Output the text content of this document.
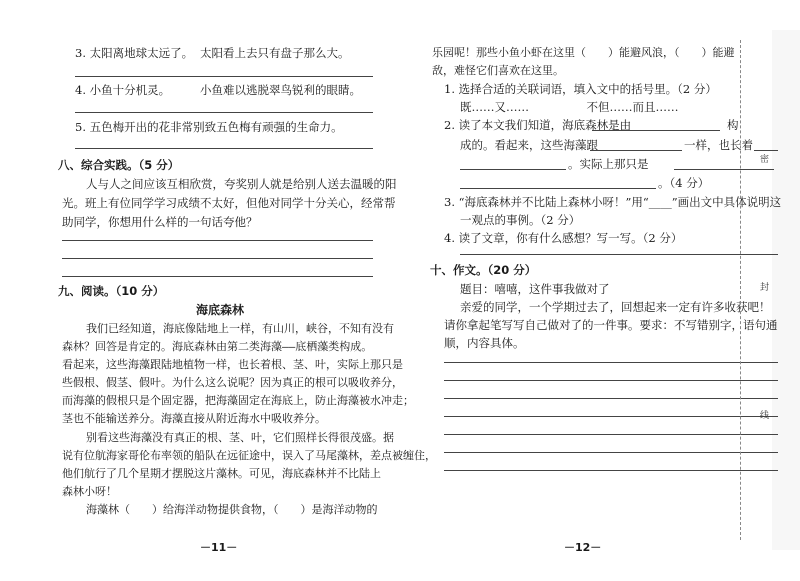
3. 太阳离地球太远了。 太阳看上去只有盘子那么大。
4. 小鱼十分机灵。	小鱼难以逃脱翠鸟锐利的眼睛。
5. 五色梅开出的花非常别致五色梅有顽强的生命力。
八、综合实践。（5 分）
人与人之间应该互相欣赏，夸奖别人就是给别人送去温暖的阳
光。班上有位同学学习成绩不太好，但他对同学十分关心，经常帮
助同学，你想用什么样的一句话夸他？
九、阅读。（10 分）
海底森林
我们已经知道，海底像陆地上一样，有山川，峡谷，不知有没有
森林？回答是肯定的。海底森林由第二类海藻——底栖藻类构成。
看起来，这些海藻跟陆地植物一样，也长着根、茎、叶，实际上那只是
些假根、假茎、假叶。为什么这么说呢？因为真正的根可以吸收养分，
而海藻的假根只是个固定器，把海藻固定在海底上，防止海藻被水冲走；
茎也不能输送养分。海藻直接从附近海水中吸收养分。
别看这些海藻没有真正的根、茎、叶，它们照样长得很茂盛。据
说有位航海家哥伦布率领的船队在远征途中，误入了马尾藻林，差点被缠住，
他们航行了几个星期才摆脱这片藻林。可见，海底森林并不比陆上
森林小呀！
海藻林（　　）给海洋动物提供食物，（　　）是海洋动物的
－11－
乐园呢！那些小鱼小虾在这里（　　）能避风浪，（　　）能避
敌，难怪它们喜欢在这里。
1. 选择合适的关联词语，填入文中的括号里。（2 分）
既……又……　　　　　不但……而且……
2. 读了本文我们知道，海底森林是由	构
成的。看起来，这些海藻跟	一样，也长着
。实际上那只是
。（4 分）
3. “海底森林并不比陆上森林小呀！”用“____”画出文中具体说明这
一观点的事例。（2 分）
4. 读了文章，你有什么感想？写一写。（2 分）
十、作文。（20 分）
题目：嘻嘻，这件事我做对了
亲爱的同学，一个学期过去了，回想起来一定有许多收获吧！
请你拿起笔写写自己做对了的一件事。要求：不写错别字，语句通
顺，内容具体。
－12－
密
封
线
